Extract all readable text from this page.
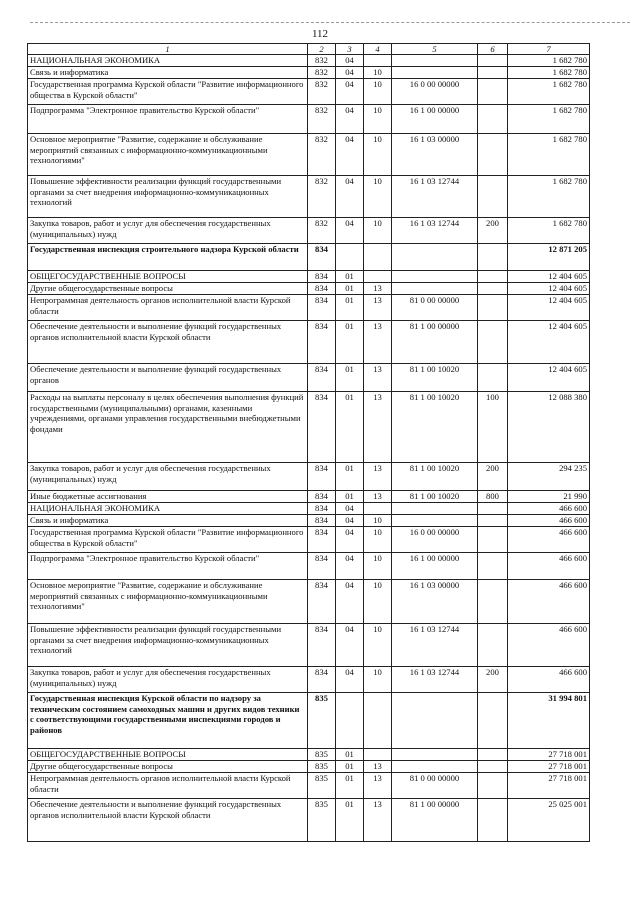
112
1	2	3	4	5	6	7
НАЦИОНАЛЬНАЯ ЭКОНОМИКА	832	04				1 682 780
Связь и информатика	832	04	10			1 682 780
Государственная программа Курской области "Развитие информационного общества в Курской области"	832	04	10	16 0 00 00000		1 682 780
Подпрограмма "Электронное правительство Курской области"	832	04	10	16 1 00 00000		1 682 780
Основное мероприятие "Развитие, содержание и обслуживание мероприятий связанных с информационно-коммуникационными технологиями"	832	04	10	16 1 03 00000		1 682 780
Повышение эффективности реализации функций государственными органами за счет внедрения информационно-коммуникационных технологий	832	04	10	16 1 03 12744		1 682 780
Закупка товаров, работ и услуг для обеспечения государственных (муниципальных) нужд	832	04	10	16 1 03 12744	200	1 682 780
Государственная инспекция строительного надзора Курской области	834					12 871 205
ОБЩЕГОСУДАРСТВЕННЫЕ ВОПРОСЫ	834	01				12 404 605
Другие общегосударственные вопросы	834	01	13			12 404 605
Непрограммная деятельность органов исполнительной власти Курской области	834	01	13	81 0 00 00000		12 404 605
Обеспечение деятельности и выполнение функций государственных органов исполнительной власти Курской области	834	01	13	81 1 00 00000		12 404 605
Обеспечение деятельности и выполнение функций государственных органов	834	01	13	81 1 00 10020		12 404 605
Расходы на выплаты персоналу в целях обеспечения выполнения функций государственными (муниципальными) органами, казенными учреждениями, органами управления государственными внебюджетными фондами	834	01	13	81 1 00 10020	100	12 088 380
Закупка товаров, работ и услуг для обеспечения государственных (муниципальных) нужд	834	01	13	81 1 00 10020	200	294 235
Иные бюджетные ассигнования	834	01	13	81 1 00 10020	800	21 990
НАЦИОНАЛЬНАЯ ЭКОНОМИКА	834	04				466 600
Связь и информатика	834	04	10			466 600
Государственная программа Курской области "Развитие информационного общества в Курской области"	834	04	10	16 0 00 00000		466 600
Подпрограмма "Электронное правительство Курской области"	834	04	10	16 1 00 00000		466 600
Основное мероприятие "Развитие, содержание и обслуживание мероприятий связанных с информационно-коммуникационными технологиями"	834	04	10	16 1 03 00000		466 600
Повышение эффективности реализации функций государственными органами за счет внедрения информационно-коммуникационных технологий	834	04	10	16 1 03 12744		466 600
Закупка товаров, работ и услуг для обеспечения государственных (муниципальных) нужд	834	04	10	16 1 03 12744	200	466 600
Государственная инспекция Курской области по надзору за техническим состоянием самоходных машин и других видов техники с соответствующими государственными инспекциями городов и районов	835					31 994 801
ОБЩЕГОСУДАРСТВЕННЫЕ ВОПРОСЫ	835	01				27 718 001
Другие общегосударственные вопросы	835	01	13			27 718 001
Непрограммная деятельность органов исполнительной власти Курской области	835	01	13	81 0 00 00000		27 718 001
Обеспечение деятельности и выполнение функций государственных органов исполнительной власти Курской области	835	01	13	81 1 00 00000		25 025 001
